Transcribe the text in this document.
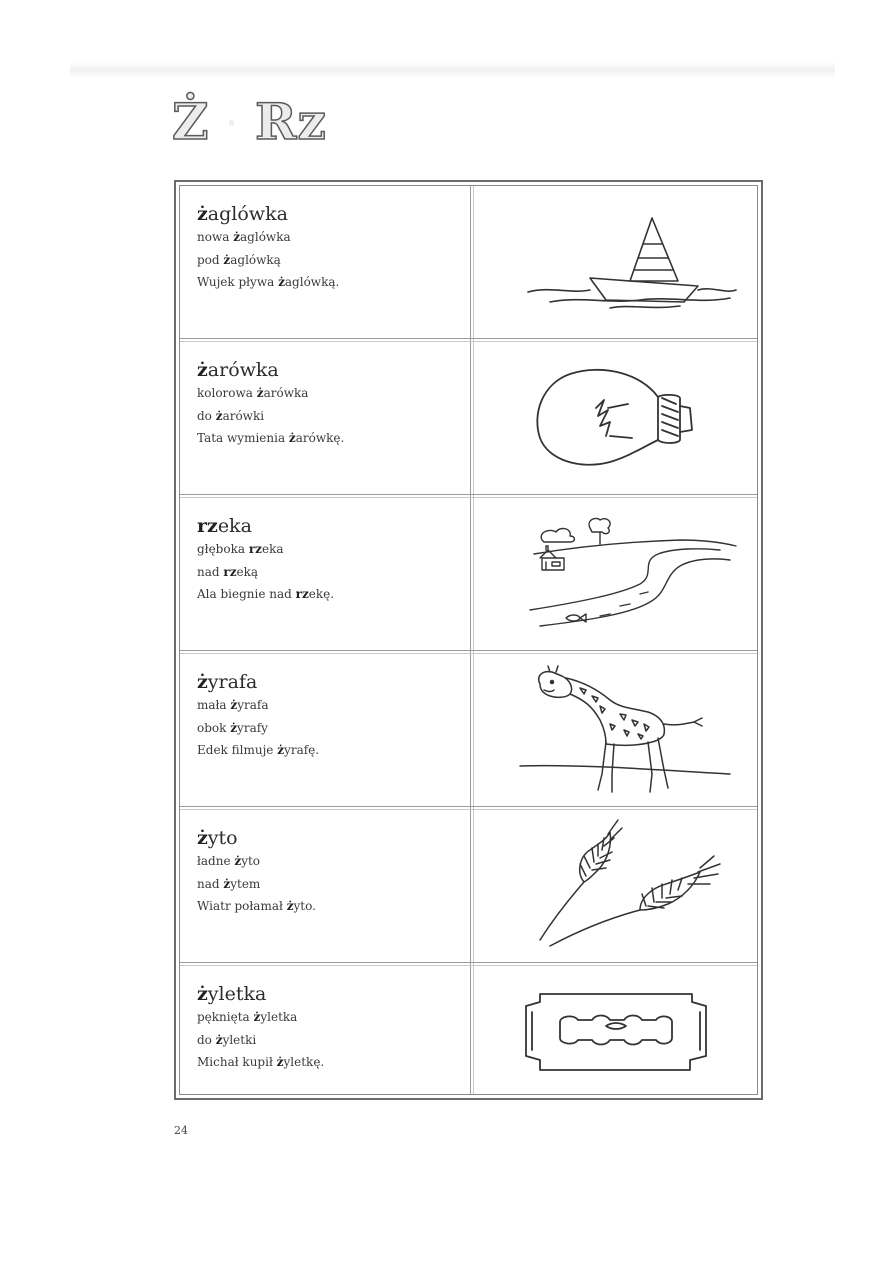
Ż Rz
żaglówka
nowa żaglówka
pod żaglówką
Wujek pływa żaglówką.
żarówka
kolorowa żarówka
do żarówki
Tata wymienia żarówkę.
rzeka
głęboka rzeka
nad rzeką
Ala biegnie nad rzekę.
żyrafa
mała żyrafa
obok żyrafy
Edek filmuje żyrafę.
żyto
ładne żyto
nad żytem
Wiatr połamał żyto.
żyletka
pęknięta żyletka
do żyletki
Michał kupił żyletkę.
24
